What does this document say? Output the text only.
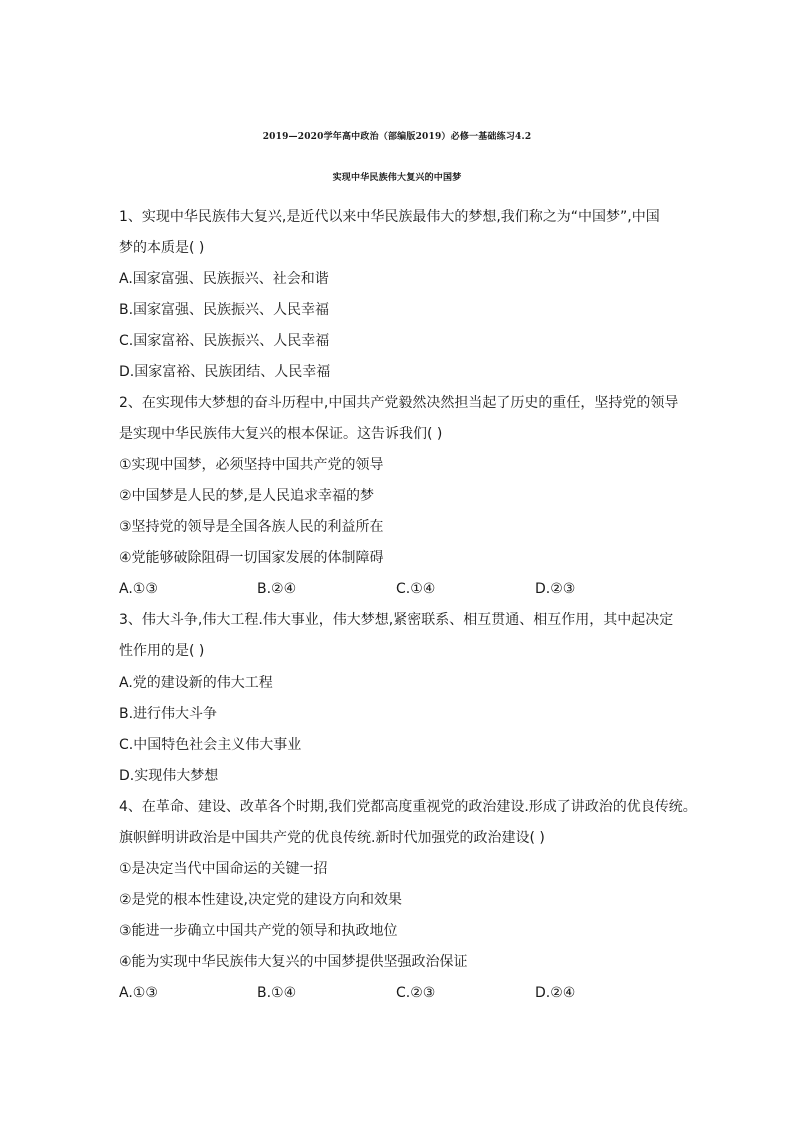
2019—2020学年高中政治（部编版2019）必修一基础练习4.2
实现中华民族伟大复兴的中国梦
1、实现中华民族伟大复兴,是近代以来中华民族最伟大的梦想,我们称之为“中国梦”,中国
梦的本质是( )
A.国家富强、民族振兴、社会和谐
B.国家富强、民族振兴、人民幸福
C.国家富裕、民族振兴、人民幸福
D.国家富裕、民族团结、人民幸福
2、在实现伟大梦想的奋斗历程中,中国共产党毅然决然担当起了历史的重任，坚持党的领导
是实现中华民族伟大复兴的根本保证。这告诉我们( )
①实现中国梦，必须坚持中国共产党的领导
②中国梦是人民的梦,是人民追求幸福的梦
③坚持党的领导是全国各族人民的利益所在
④党能够破除阻碍一切国家发展的体制障碍
A.①③	B.②④	C.①④	D.②③
3、伟大斗争,伟大工程.伟大事业，伟大梦想,紧密联系、相互贯通、相互作用，其中起决定
性作用的是( )
A.党的建设新的伟大工程
B.进行伟大斗争
C.中国特色社会主义伟大事业
D.实现伟大梦想
4、在革命、建设、改革各个时期,我们党都高度重视党的政治建设.形成了讲政治的优良传统。
旗帜鲜明讲政治是中国共产党的优良传统.新时代加强党的政治建设( )
①是决定当代中国命运的关键一招
②是党的根本性建设,决定党的建设方向和效果
③能进一步确立中国共产党的领导和执政地位
④能为实现中华民族伟大复兴的中国梦提供坚强政治保证
A.①③	B.①④	C.②③	D.②④
